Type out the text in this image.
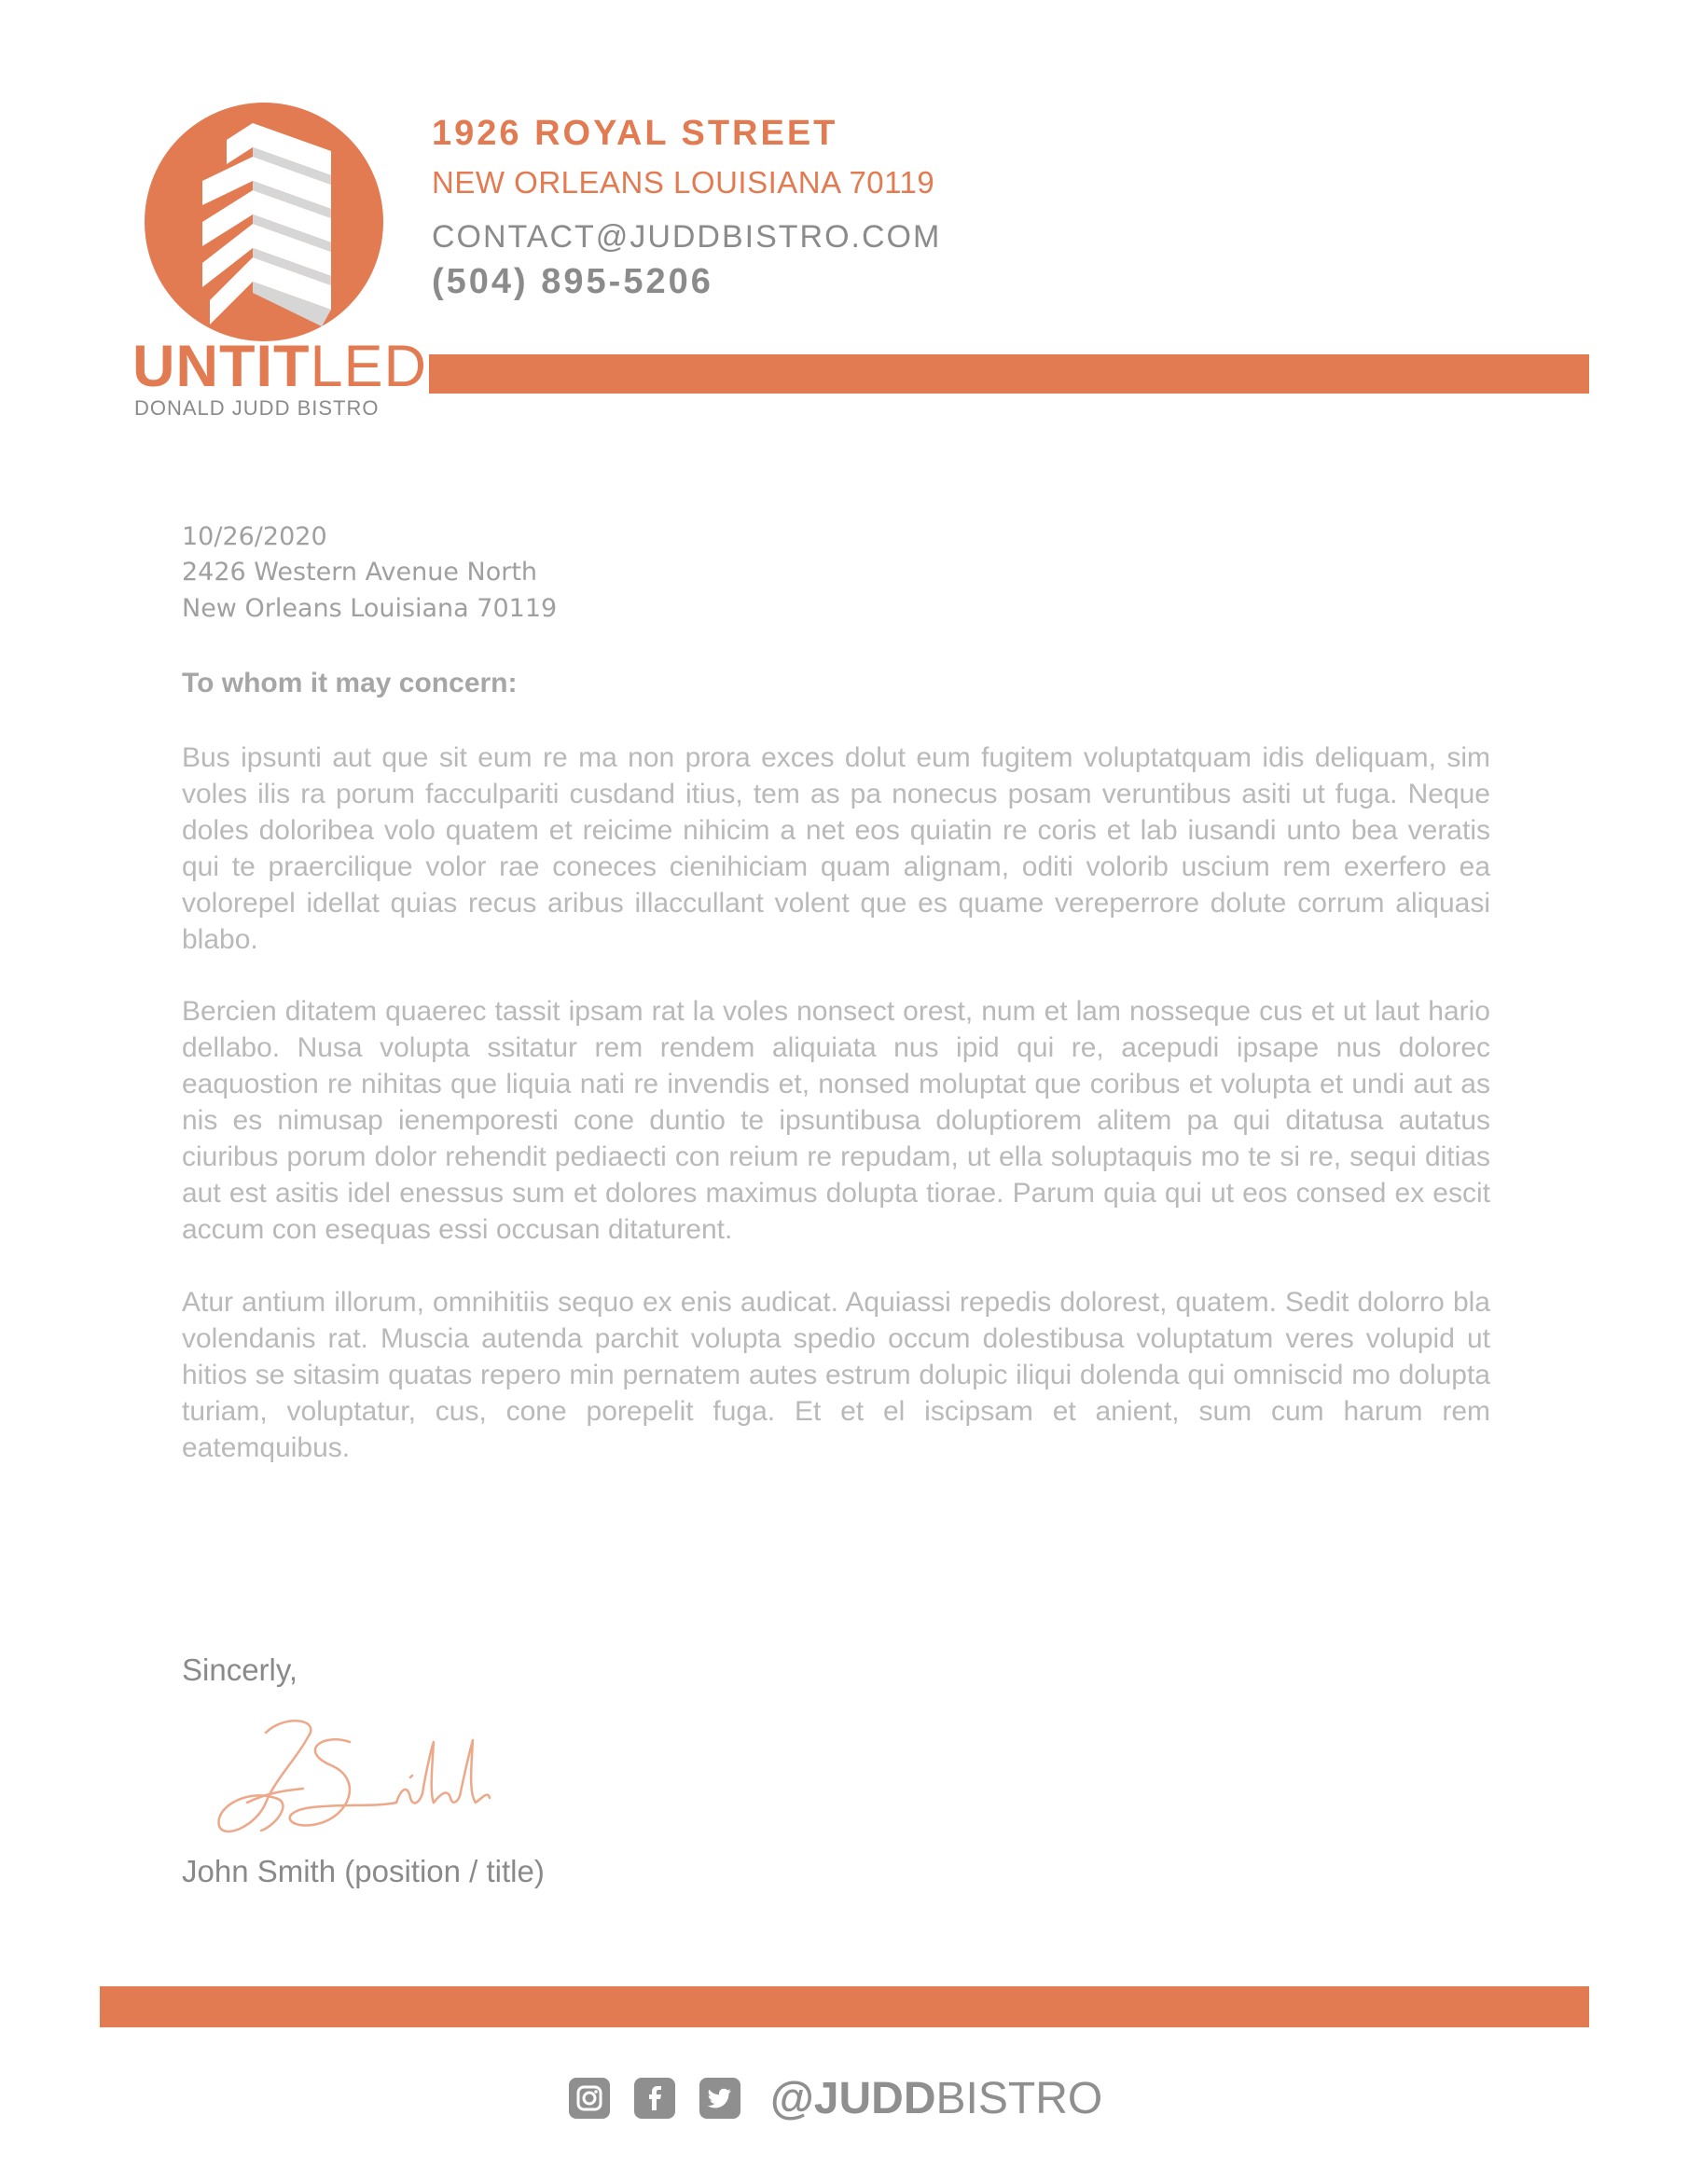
UNTITLED
DONALD JUDD BISTRO
1926 ROYAL STREET
NEW ORLEANS LOUISIANA 70119
CONTACT@JUDDBISTRO.COM
(504) 895-5206
10/26/2020
2426 Western Avenue North
New Orleans Louisiana 70119
To whom it may concern:

Bus ipsunti aut que sit eum re ma non prora exces dolut eum fugitem voluptatquam idis deliquam, sim voles ilis ra porum facculpariti cusdand itius, tem as pa nonecus posam veruntibus asiti ut fuga. Neque doles doloribea volo quatem et reicime nihicim a net eos quiatin re coris et lab iusandi unto bea veratis qui te praercilique volor rae coneces cienihiciam quam alignam, oditi volorib uscium rem exerfero ea volorepel idellat quias recus aribus illaccullant volent que es quame vereperrore dolute corrum aliquasi blabo.

Bercien ditatem quaerec tassit ipsam rat la voles nonsect orest, num et lam nosseque cus et ut laut hario dellabo. Nusa volupta ssitatur rem rendem aliquiata nus ipid qui re, acepudi ipsape nus dolorec eaquostion re nihitas que liquia nati re invendis et, nonsed moluptat que coribus et volupta et undi aut as nis es nimusap ienemporesti cone duntio te ipsuntibusa doluptiorem alitem pa qui ditatusa autatus ciuribus porum dolor rehendit pediaecti con reium re repudam, ut ella soluptaquis mo te si re, sequi ditias aut est asitis idel enessus sum et dolores maximus dolupta tiorae. Parum quia qui ut eos consed ex escit accum con esequas essi occusan ditaturent.

Atur antium illorum, omnihitiis sequo ex enis audicat. Aquiassi repedis dolorest, quatem. Sedit dolorro bla volendanis rat. Muscia autenda parchit volupta spedio occum dolestibusa voluptatum veres volupid ut hitios se sitasim quatas repero min pernatem autes estrum dolupic iliqui dolenda qui omniscid mo dolupta turiam, voluptatur, cus, cone porepelit fuga. Et et el iscipsam et anient, sum cum harum rem eatemquibus.

Sincerly,
John Smith (position / title)
@JUDDBISTRO
